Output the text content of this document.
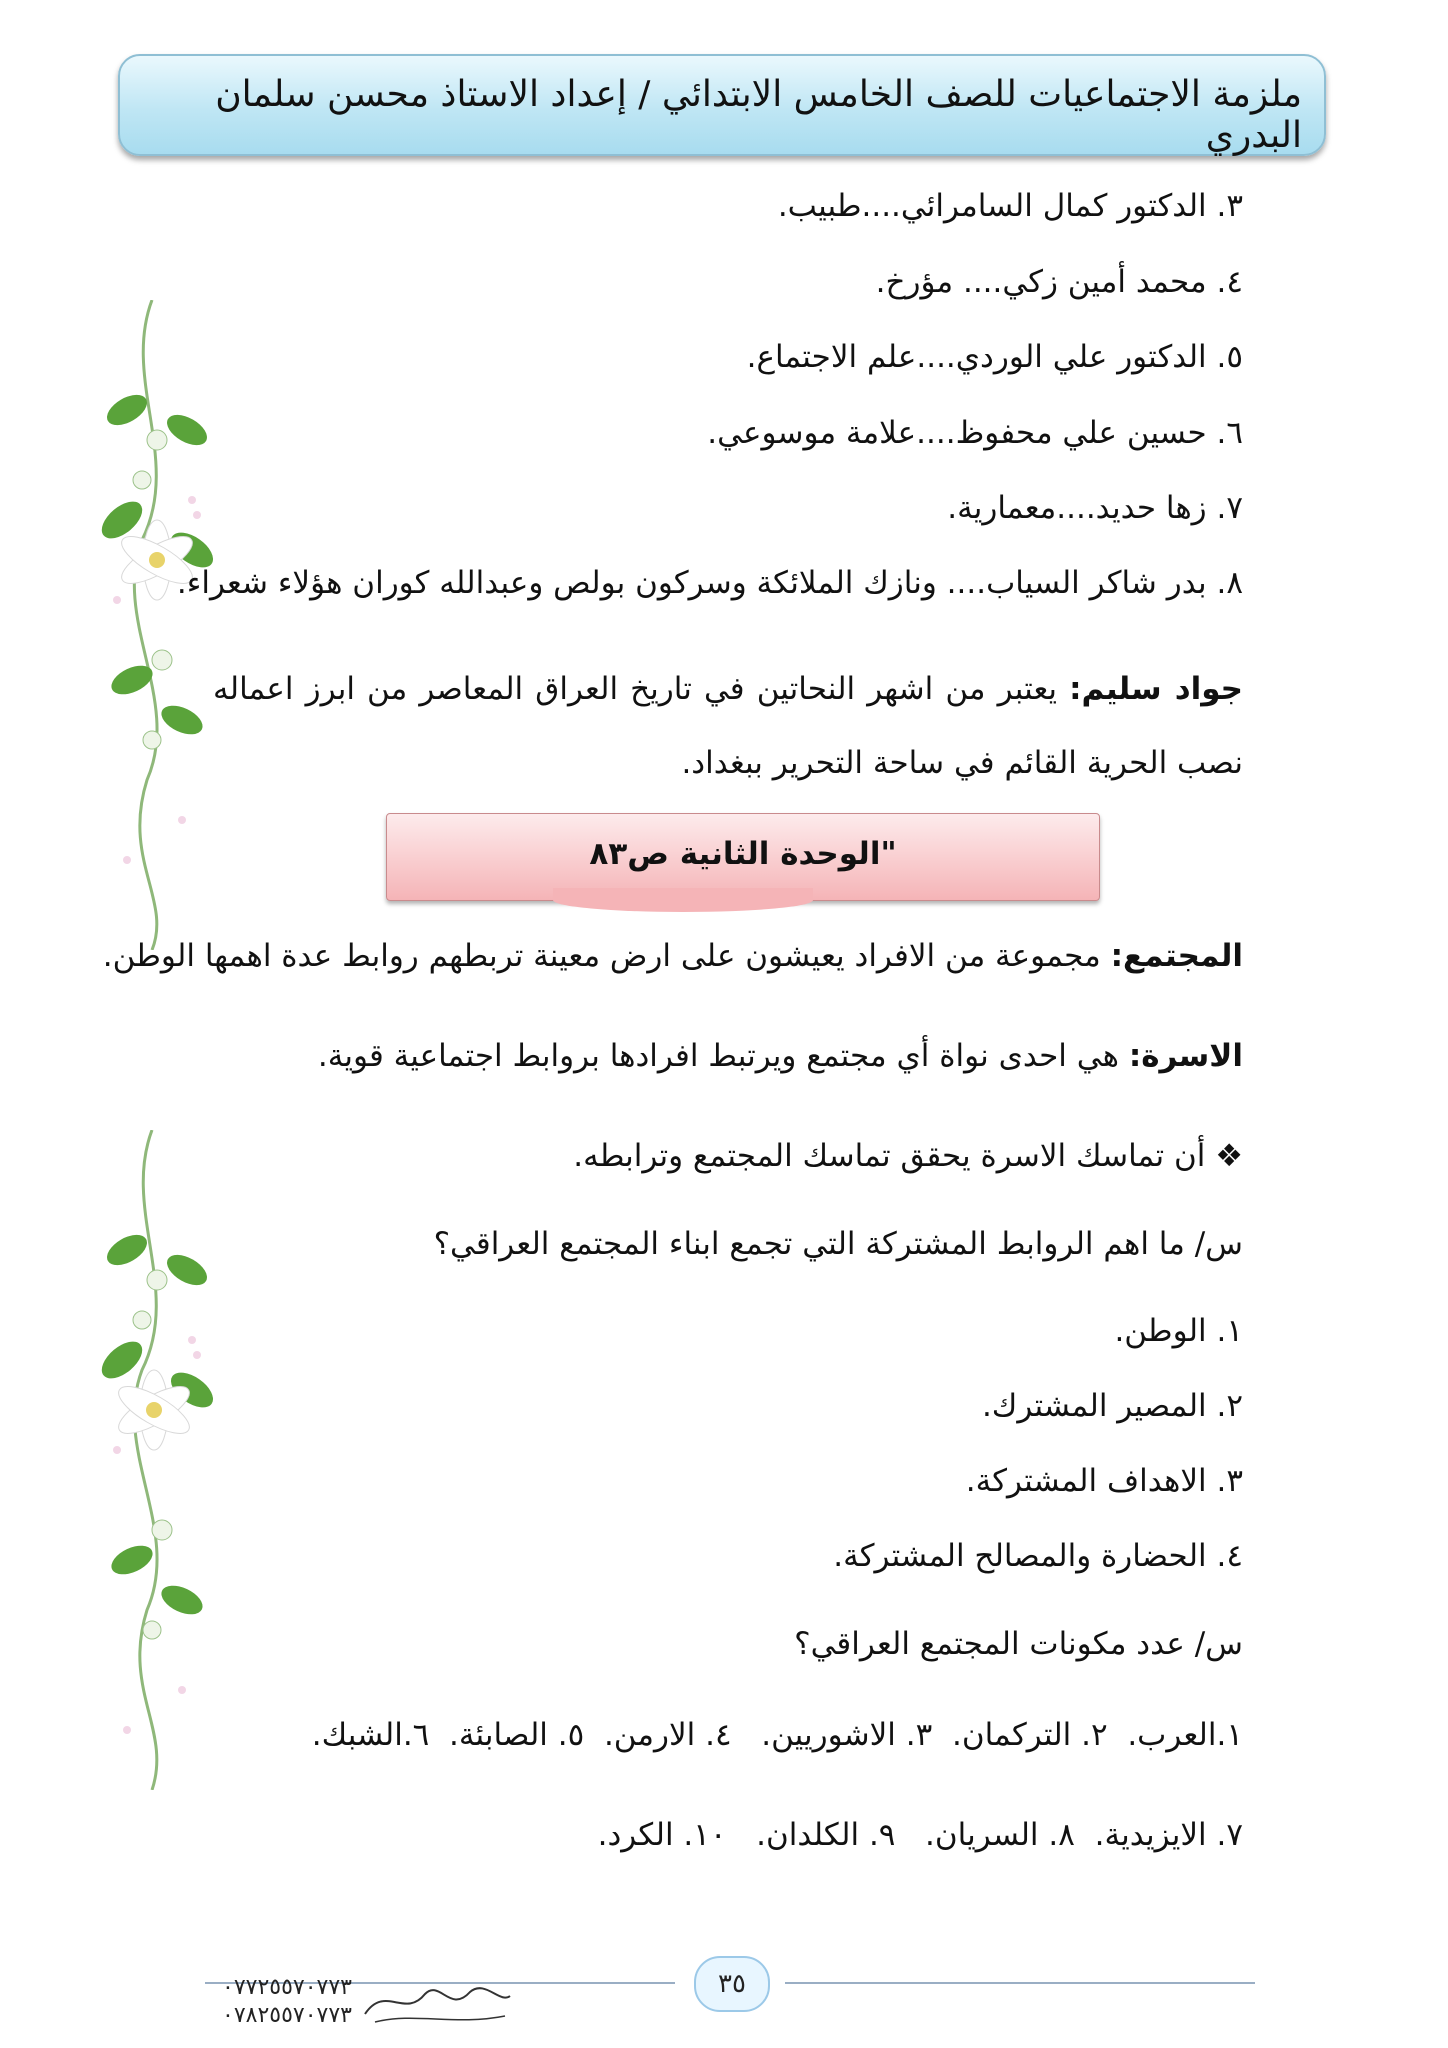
ملزمة الاجتماعيات للصف الخامس الابتدائي / إعداد الاستاذ محسن سلمان البدري
٣. الدكتور كمال السامرائي....طبيب.
٤. محمد أمين زكي.... مؤرخ.
٥. الدكتور علي الوردي....علم الاجتماع.
٦. حسين علي محفوظ....علامة موسوعي.
٧. زها حديد....معمارية.
٨. بدر شاكر السياب.... ونازك الملائكة وسركون بولص وعبدالله كوران هؤلاء شعراء.
جواد سليم: يعتبر من اشهر النحاتين في تاريخ العراق المعاصر من ابرز اعماله نصب الحرية القائم في ساحة التحرير ببغداد.
"الوحدة الثانية ص٨٣
المجتمع: مجموعة من الافراد يعيشون على ارض معينة تربطهم روابط عدة اهمها الوطن.
الاسرة: هي احدى نواة أي مجتمع ويرتبط افرادها بروابط اجتماعية قوية.
❖ أن تماسك الاسرة يحقق تماسك المجتمع وترابطه.
س/ ما اهم الروابط المشتركة التي تجمع ابناء المجتمع العراقي؟
١. الوطن.
٢. المصير المشترك.
٣. الاهداف المشتركة.
٤. الحضارة والمصالح المشتركة.
س/ عدد مكونات المجتمع العراقي؟
١.العرب.  ٢. التركمان.  ٣. الاشوريين.   ٤. الارمن.  ٥. الصابئة.  ٦.الشبك.
٧. الايزيدية.  ٨. السريان.   ٩. الكلدان.   ١٠. الكرد.
٣٥
٠٧٧٢٥٥٧٠٧٧٣
٠٧٨٢٥٥٧٠٧٧٣
